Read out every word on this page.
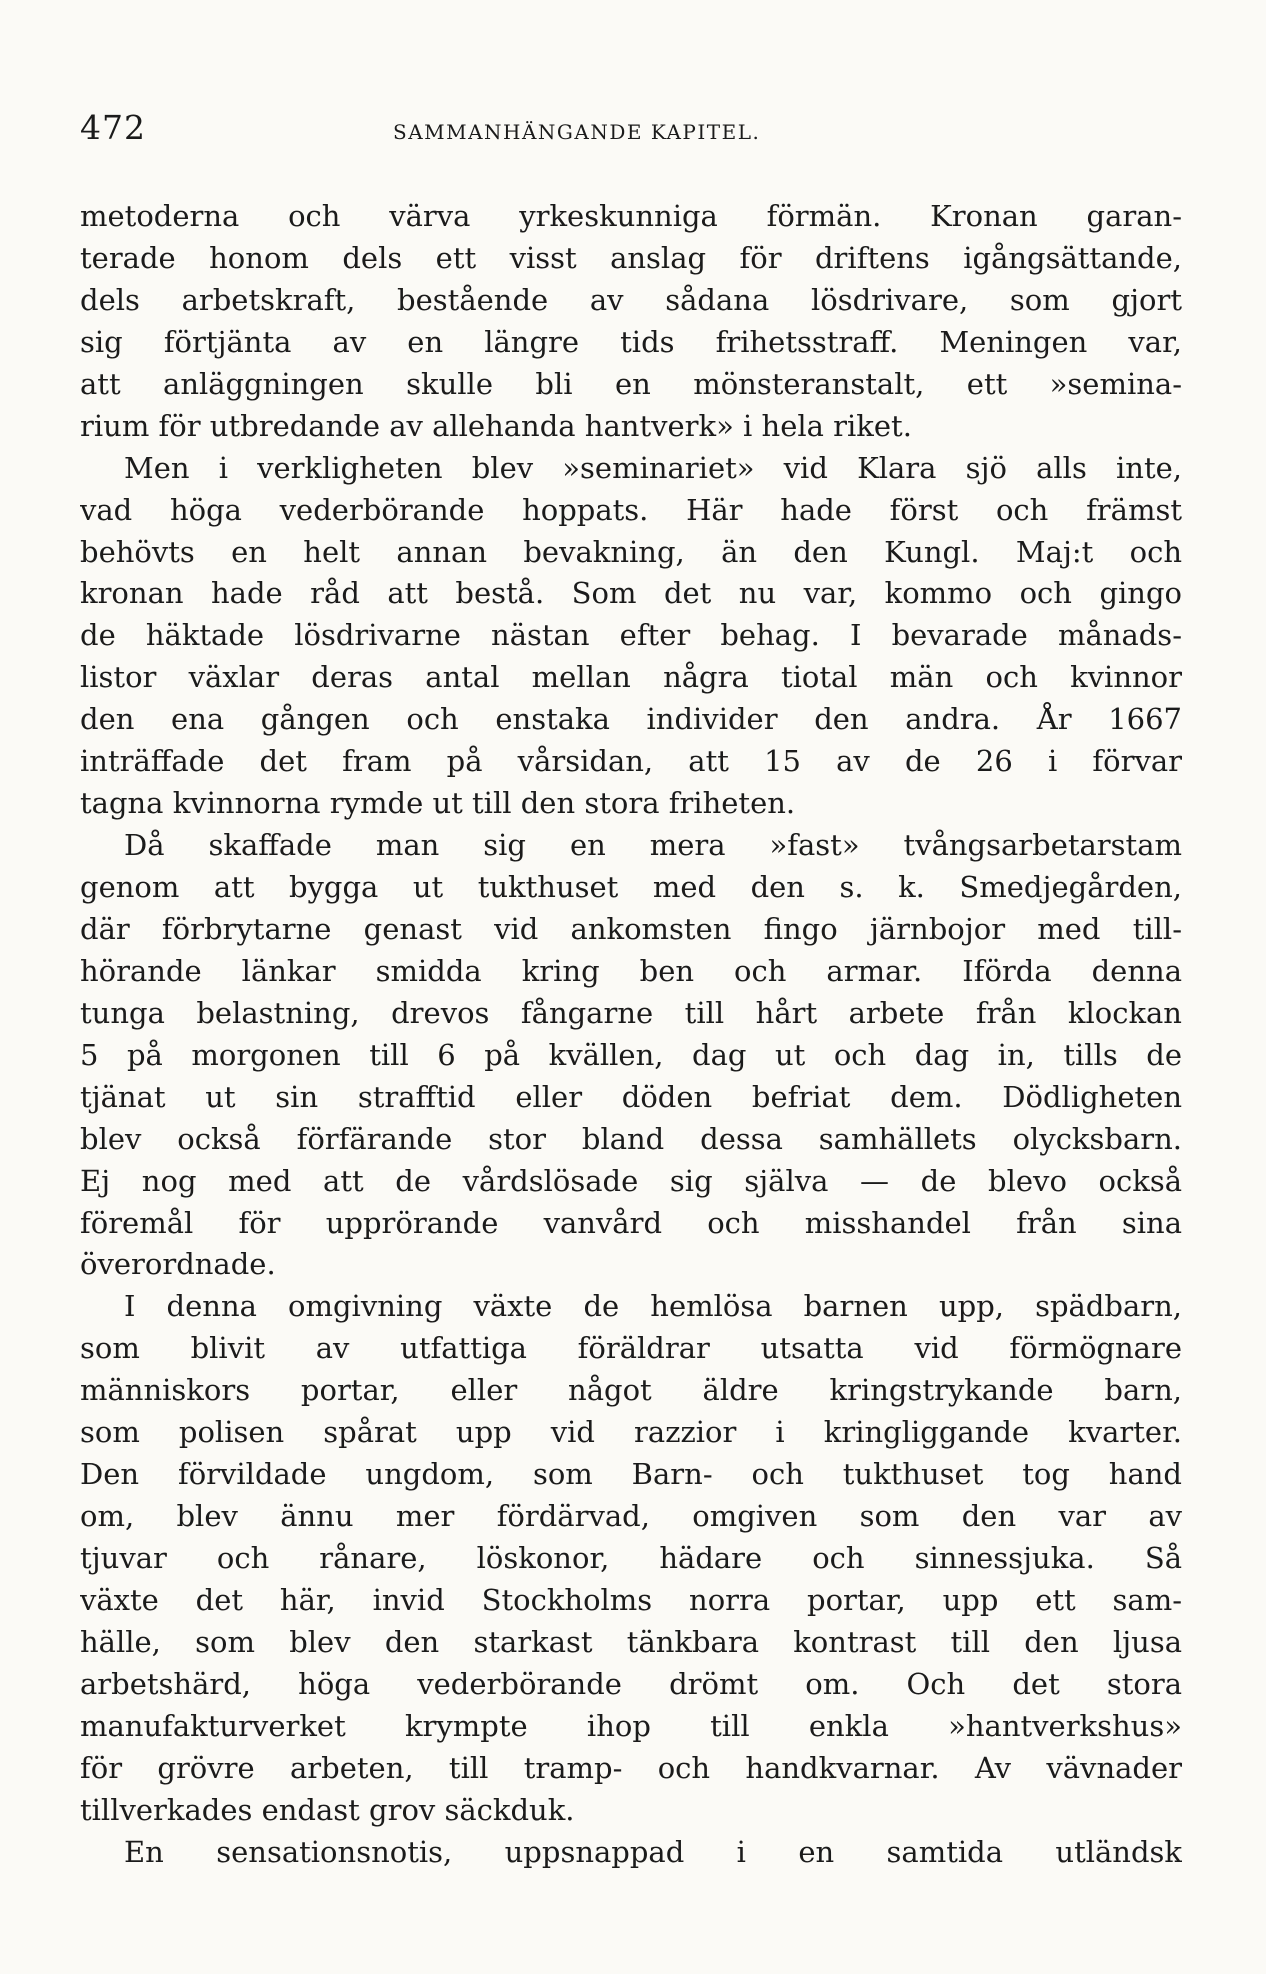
472	SAMMANHÄNGANDE KAPITEL.
metoderna och värva yrkeskunniga förmän. Kronan garan-
terade honom dels ett visst anslag för driftens igångsättande,
dels arbetskraft, bestående av sådana lösdrivare, som gjort
sig förtjänta av en längre tids frihetsstraff. Meningen var,
att anläggningen skulle bli en mönsteranstalt, ett »semina-
rium för utbredande av allehanda hantverk» i hela riket.
Men i verkligheten blev »seminariet» vid Klara sjö alls inte,
vad höga vederbörande hoppats. Här hade först och främst
behövts en helt annan bevakning, än den Kungl. Maj:t och
kronan hade råd att bestå. Som det nu var, kommo och gingo
de häktade lösdrivarne nästan efter behag. I bevarade månads-
listor växlar deras antal mellan några tiotal män och kvinnor
den ena gången och enstaka individer den andra. År 1667
inträffade det fram på vårsidan, att 15 av de 26 i förvar
tagna kvinnorna rymde ut till den stora friheten.
Då skaffade man sig en mera »fast» tvångsarbetarstam
genom att bygga ut tukthuset med den s. k. Smedjegården,
där förbrytarne genast vid ankomsten fingo järnbojor med till-
hörande länkar smidda kring ben och armar. Iförda denna
tunga belastning, drevos fångarne till hårt arbete från klockan
5 på morgonen till 6 på kvällen, dag ut och dag in, tills de
tjänat ut sin strafftid eller döden befriat dem. Dödligheten
blev också förfärande stor bland dessa samhällets olycksbarn.
Ej nog med att de vårdslösade sig själva — de blevo också
föremål för upprörande vanvård och misshandel från sina
överordnade.
I denna omgivning växte de hemlösa barnen upp, spädbarn,
som blivit av utfattiga föräldrar utsatta vid förmögnare
människors portar, eller något äldre kringstrykande barn,
som polisen spårat upp vid razzior i kringliggande kvarter.
Den förvildade ungdom, som Barn- och tukthuset tog hand
om, blev ännu mer fördärvad, omgiven som den var av
tjuvar och rånare, löskonor, hädare och sinnessjuka. Så
växte det här, invid Stockholms norra portar, upp ett sam-
hälle, som blev den starkast tänkbara kontrast till den ljusa
arbetshärd, höga vederbörande drömt om. Och det stora
manufakturverket krympte ihop till enkla »hantverkshus»
för grövre arbeten, till tramp- och handkvarnar. Av vävnader
tillverkades endast grov säckduk.
En sensationsnotis, uppsnappad i en samtida utländsk
